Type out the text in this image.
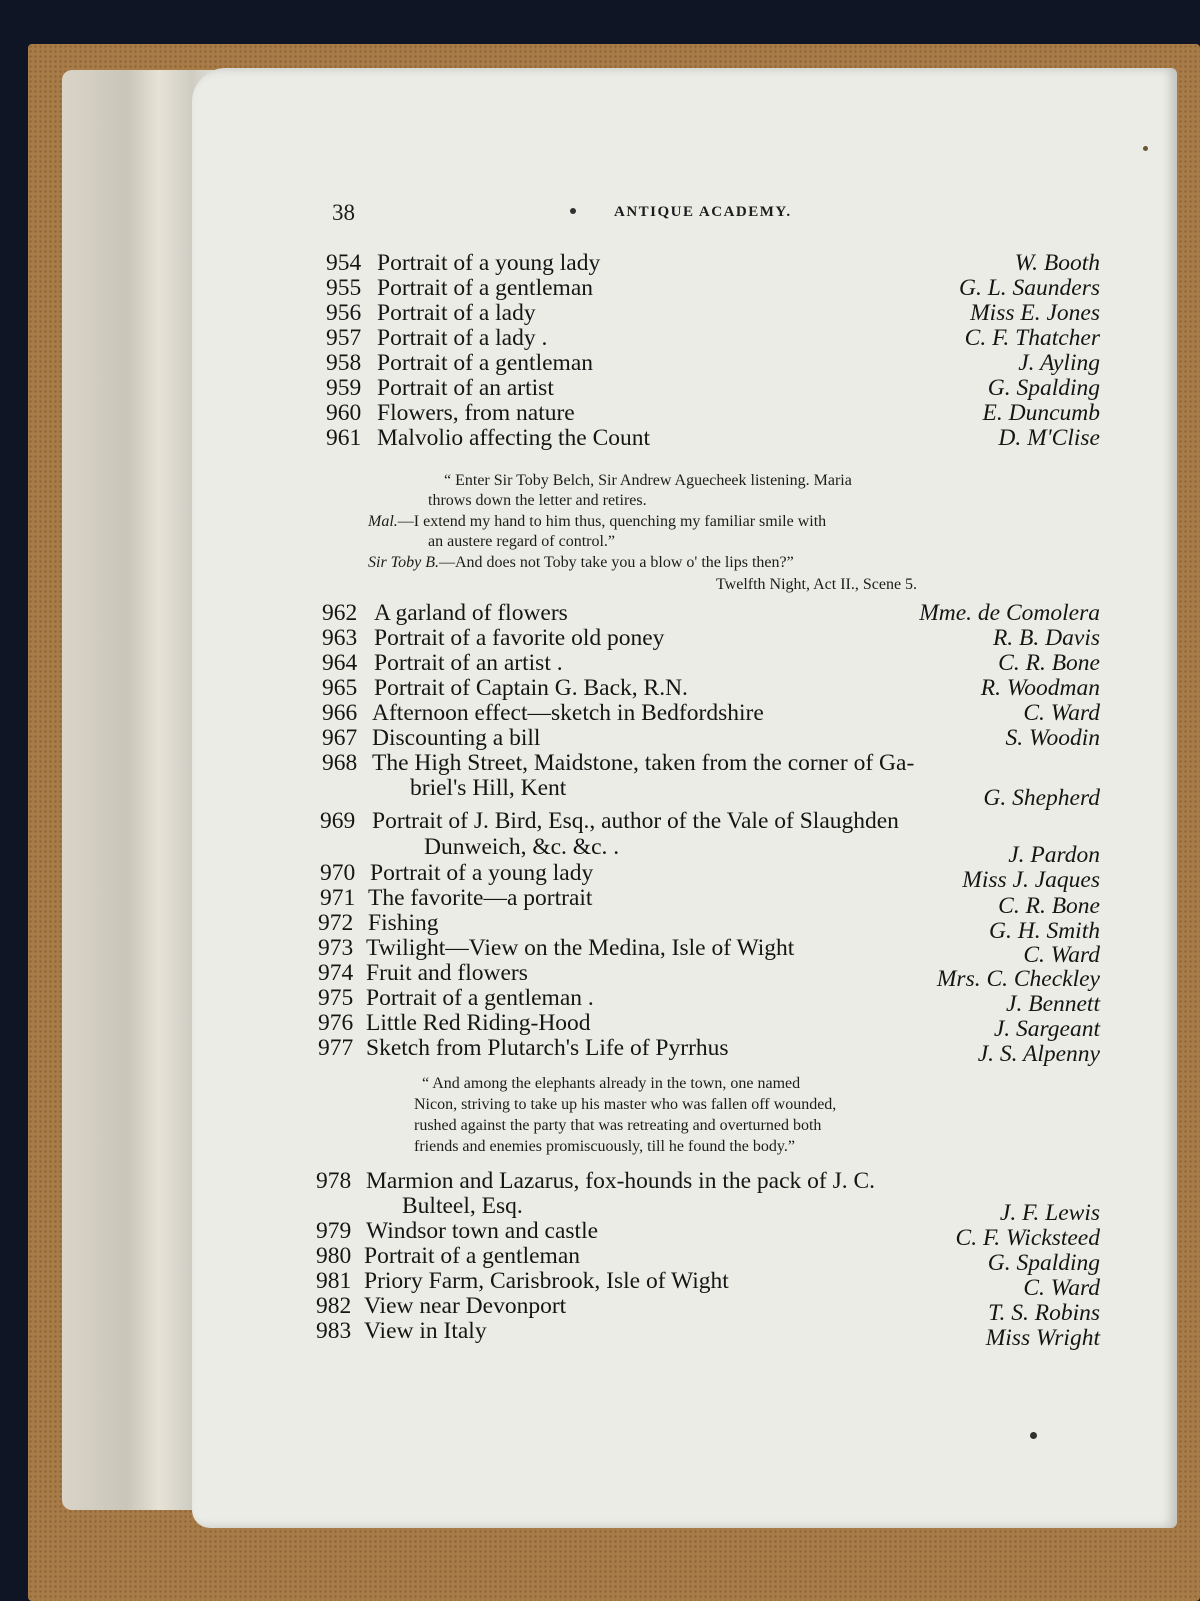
38	ANTIQUE ACADEMY.
954 Portrait of a young lady	W. Booth
955 Portrait of a gentleman	G. L. Saunders
956 Portrait of a lady	Miss E. Jones
957 Portrait of a lady .	C. F. Thatcher
958 Portrait of a gentleman	J. Ayling
959 Portrait of an artist	G. Spalding
960 Flowers, from nature	E. Duncumb
961 Malvolio affecting the Count	D. M'Clise
“ Enter Sir Toby Belch, Sir Andrew Aguecheek listening. Maria
throws down the letter and retires.
Mal.—I extend my hand to him thus, quenching my familiar smile with
an austere regard of control.”
Sir Toby B.—And does not Toby take you a blow o' the lips then?”
Twelfth Night, Act II., Scene 5.
962 A garland of flowers	Mme. de Comolera
963 Portrait of a favorite old poney	R. B. Davis
964 Portrait of an artist .	C. R. Bone
965 Portrait of Captain G. Back, R.N.	R. Woodman
966 Afternoon effect—sketch in Bedfordshire	C. Ward
967 Discounting a bill	S. Woodin
968 The High Street, Maidstone, taken from the corner of Ga-
briel's Hill, Kent	G. Shepherd
969 Portrait of J. Bird, Esq., author of the Vale of Slaughden
Dunweich, &c. &c. .	J. Pardon
970 Portrait of a young lady	Miss J. Jaques
971 The favorite—a portrait	C. R. Bone
972 Fishing	G. H. Smith
973 Twilight—View on the Medina, Isle of Wight	C. Ward
974 Fruit and flowers	Mrs. C. Checkley
975 Portrait of a gentleman .	J. Bennett
976 Little Red Riding-Hood	J. Sargeant
977 Sketch from Plutarch's Life of Pyrrhus	J. S. Alpenny
“ And among the elephants already in the town, one named
Nicon, striving to take up his master who was fallen off wounded,
rushed against the party that was retreating and overturned both
friends and enemies promiscuously, till he found the body.”
978 Marmion and Lazarus, fox-hounds in the pack of J. C.
Bulteel, Esq.	J. F. Lewis
979 Windsor town and castle	C. F. Wicksteed
980 Portrait of a gentleman	G. Spalding
981 Priory Farm, Carisbrook, Isle of Wight	C. Ward
982 View near Devonport	T. S. Robins
983 View in Italy	Miss Wright
